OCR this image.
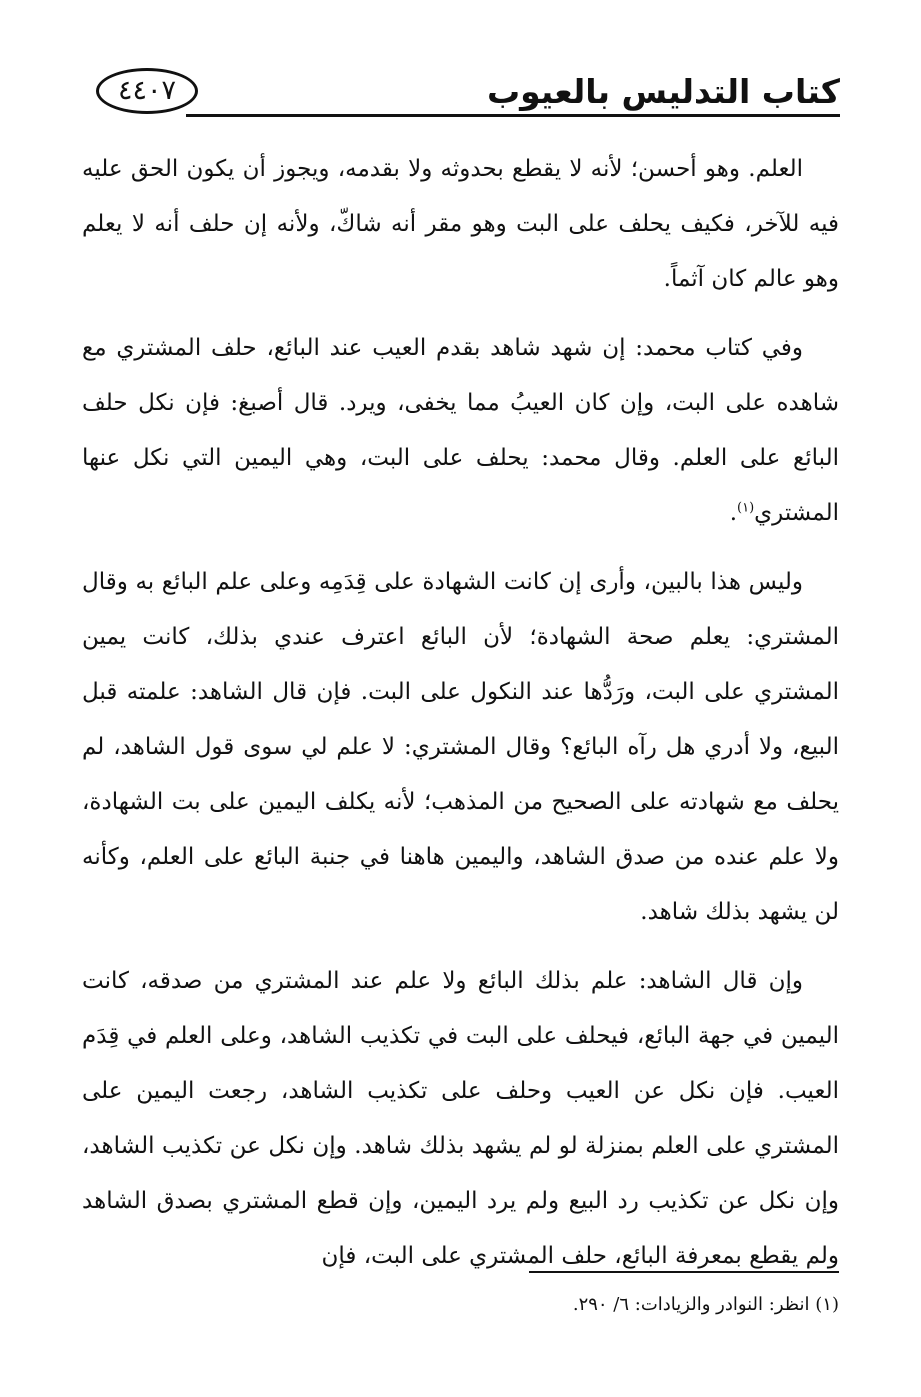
كتاب التدليس بالعيوب
٤٤٠٧

العلم. وهو أحسن؛ لأنه لا يقطع بحدوثه ولا بقدمه، ويجوز أن يكون الحق عليه فيه للآخر، فكيف يحلف على البت وهو مقر أنه شاكّ، ولأنه إن حلف أنه لا يعلم وهو عالم كان آثماً.

وفي كتاب محمد: إن شهد شاهد بقدم العيب عند البائع، حلف المشتري مع شاهده على البت، وإن كان العيبُ مما يخفى، ويرد. قال أصبغ: فإن نكل حلف البائع على العلم. وقال محمد: يحلف على البت، وهي اليمين التي نكل عنها المشتري$^{(١)}$.

وليس هذا بالبين، وأرى إن كانت الشهادة على قِدَمِه وعلى علم البائع به وقال المشتري: يعلم صحة الشهادة؛ لأن البائع اعترف عندي بذلك، كانت يمين المشتري على البت، ورَدُّها عند النكول على البت. فإن قال الشاهد: علمته قبل البيع، ولا أدري هل رآه البائع؟ وقال المشتري: لا علم لي سوى قول الشاهد، لم يحلف مع شهادته على الصحيح من المذهب؛ لأنه يكلف اليمين على بت الشهادة، ولا علم عنده من صدق الشاهد، واليمين هاهنا في جنبة البائع على العلم، وكأنه لن يشهد بذلك شاهد.

وإن قال الشاهد: علم بذلك البائع ولا علم عند المشتري من صدقه، كانت اليمين في جهة البائع، فيحلف على البت في تكذيب الشاهد، وعلى العلم في قِدَم العيب. فإن نكل عن العيب وحلف على تكذيب الشاهد، رجعت اليمين على المشتري على العلم بمنزلة لو لم يشهد بذلك شاهد. وإن نكل عن تكذيب الشاهد، وإن نكل عن تكذيب رد البيع ولم يرد اليمين، وإن قطع المشتري بصدق الشاهد ولم يقطع بمعرفة البائع، حلف المشتري على البت، فإن

(١) انظر: النوادر والزيادات: ٦/ ٢٩٠.
